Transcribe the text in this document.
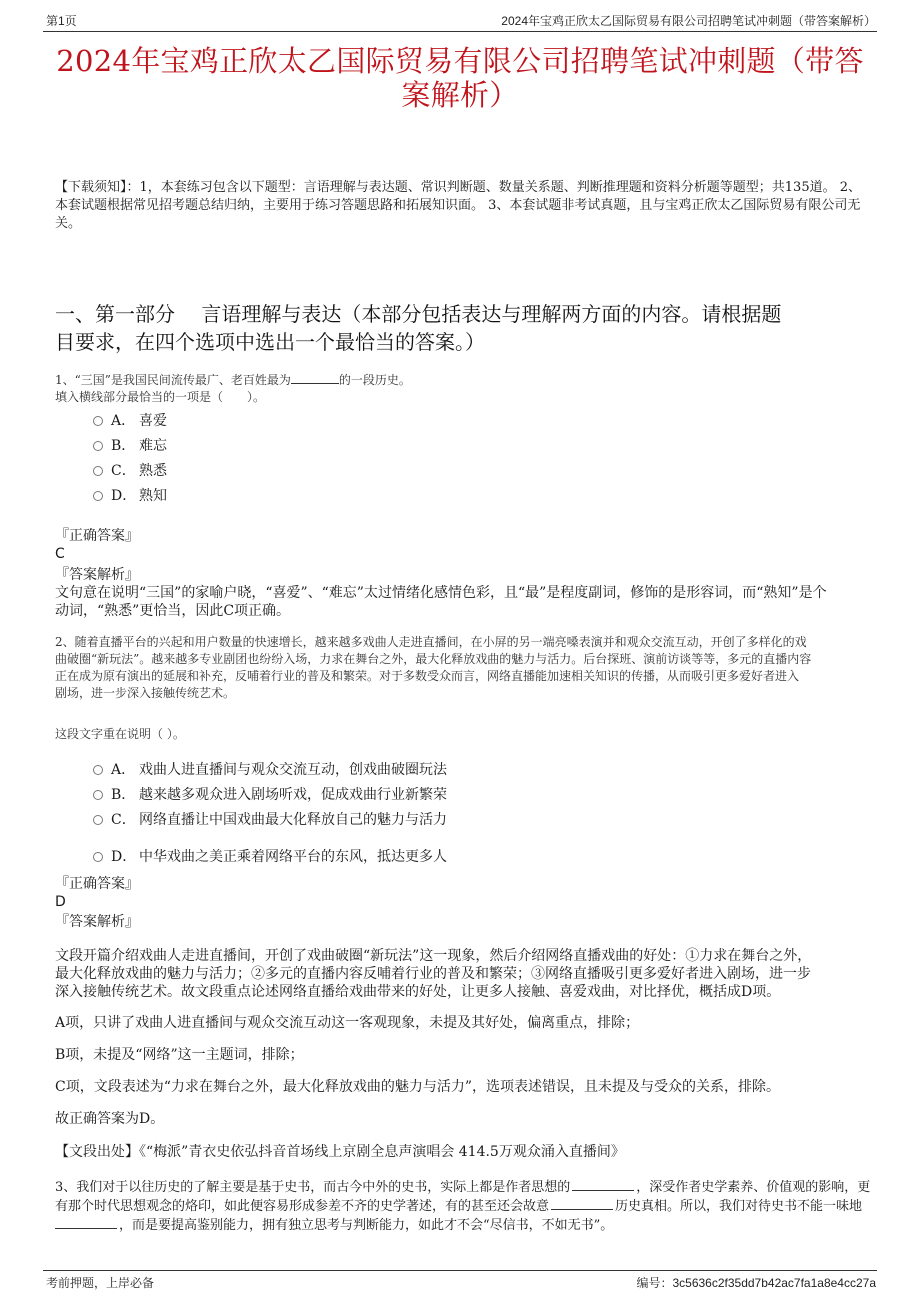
第1页	2024年宝鸡正欣太乙国际贸易有限公司招聘笔试冲刺题（带答案解析）
2024年宝鸡正欣太乙国际贸易有限公司招聘笔试冲刺题（带答
案解析）
【下载须知】：1，本套练习包含以下题型：言语理解与表达题、常识判断题、数量关系题、判断推理题和资料分析题等题型；共135道。 2、本套试题根据常见招考题总结归纳，主要用于练习答题思路和拓展知识面。 3、本套试题非考试真题，且与宝鸡正欣太乙国际贸易有限公司无关。
一、第一部分　 言语理解与表达（本部分包括表达与理解两方面的内容。请根据题
目要求，在四个选项中选出一个最恰当的答案。）
1、“三国”是我国民间流传最广、老百姓最为	的一段历史。
填入横线部分最恰当的一项是（　　）。
A． 喜爱
B． 难忘
C． 熟悉
D． 熟知
『正确答案』
C
『答案解析』
文句意在说明“三国”的家喻户晓，“喜爱”、“难忘”太过情绪化感情色彩，且“最”是程度副词，修饰的是形容词，而“熟知”是个
动词，“熟悉”更恰当，因此C项正确。
2、随着直播平台的兴起和用户数量的快速增长，越来越多戏曲人走进直播间，在小屏的另一端亮嗓表演并和观众交流互动，开创了多样化的戏
曲破圈“新玩法”。越来越多专业剧团也纷纷入场，力求在舞台之外，最大化释放戏曲的魅力与活力。后台探班、演前访谈等等，多元的直播内容
正在成为原有演出的延展和补充，反哺着行业的普及和繁荣。对于多数受众而言，网络直播能加速相关知识的传播，从而吸引更多爱好者进入
剧场，进一步深入接触传统艺术。
这段文字重在说明（ ）。
A． 戏曲人进直播间与观众交流互动，创戏曲破圈玩法
B． 越来越多观众进入剧场听戏，促成戏曲行业新繁荣
C． 网络直播让中国戏曲最大化释放自己的魅力与活力
D． 中华戏曲之美正乘着网络平台的东风，抵达更多人
『正确答案』
D
『答案解析』
文段开篇介绍戏曲人走进直播间，开创了戏曲破圈“新玩法”这一现象，然后介绍网络直播戏曲的好处：①力求在舞台之外，
最大化释放戏曲的魅力与活力；②多元的直播内容反哺着行业的普及和繁荣；③网络直播吸引更多爱好者进入剧场，进一步
深入接触传统艺术。故文段重点论述网络直播给戏曲带来的好处，让更多人接触、喜爱戏曲，对比择优，概括成D项。
A项，只讲了戏曲人进直播间与观众交流互动这一客观现象，未提及其好处，偏离重点，排除；
B项，未提及“网络”这一主题词，排除；
C项，文段表述为“力求在舞台之外，最大化释放戏曲的魅力与活力”，选项表述错误，且未提及与受众的关系，排除。
故正确答案为D。
【文段出处】《“梅派”青衣史依弘抖音首场线上京剧全息声演唱会 414.5万观众涌入直播间》
3、我们对于以往历史的了解主要是基于史书，而古今中外的史书，实际上都是作者思想的	，深受作者史学素养、价值观的影响，更
有那个时代思想观念的烙印，如此便容易形成参差不齐的史学著述，有的甚至还会故意	历史真相。所以，我们对待史书不能一味地
，而是要提高鉴别能力，拥有独立思考与判断能力，如此才不会“尽信书，不如无书”。
考前押题，上岸必备	编号：3c5636c2f35dd7b42ac7fa1a8e4cc27a
